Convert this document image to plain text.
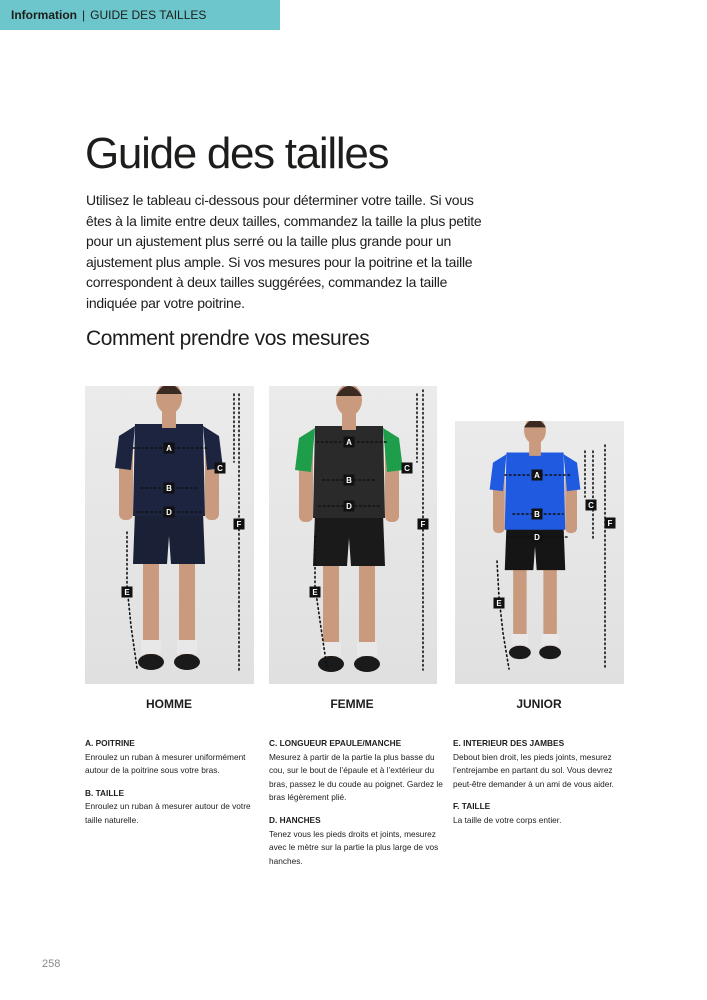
Information | GUIDE DES TAILLES
Guide des tailles

Utilisez le tableau ci-dessous pour déterminer votre taille. Si vous êtes à la limite entre deux tailles, commandez la taille la plus petite pour un ajustement plus serré ou la taille plus grande pour un ajustement plus ample. Si vos mesures pour la poitrine et la taille correspondent à deux tailles suggérées, commandez la taille indiquée par votre poitrine.

Comment prendre vos mesures
A
B
C
D
E
F
A
B
C
D
E
F
A
B
C
D
E
F
HOMME	FEMME	JUNIOR
A. POITRINE
Enroulez un ruban à mesurer uniformément autour de la poitrine sous votre bras.
B. TAILLE
Enroulez un ruban à mesurer autour de votre taille naturelle.
C. LONGUEUR EPAULE/MANCHE
Mesurez à partir de la partie la plus basse du cou, sur le bout de l’épaule et à l’extérieur du bras, passez le du coude au poignet. Gardez le bras légèrement plié.
D. HANCHES
Tenez vous les pieds droits et joints, mesurez avec le mètre sur la partie la plus large de vos hanches.
E. INTERIEUR DES JAMBES
Debout bien droit, les pieds joints, mesurez l’entrejambe en partant du sol. Vous devrez peut-être demander à un ami de vous aider.
F. TAILLE
La taille de votre corps entier.
258
